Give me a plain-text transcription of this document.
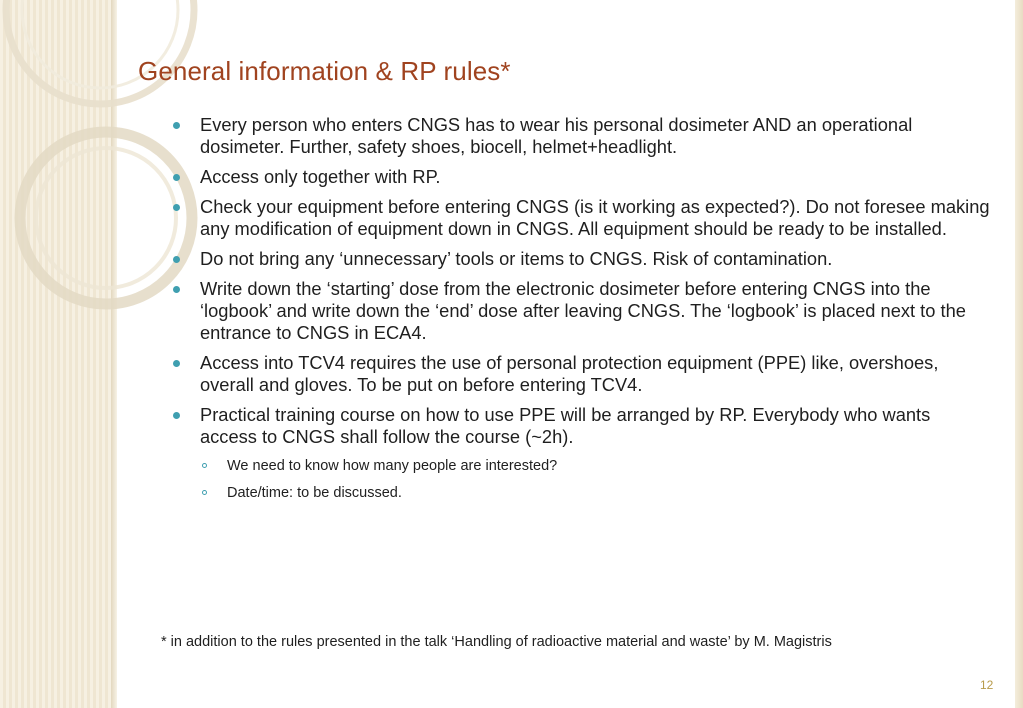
General information & RP rules*
Every person who enters CNGS has to wear his personal dosimeter AND an operational dosimeter. Further, safety shoes, biocell, helmet+headlight.
Access only together with RP.
Check your equipment before entering CNGS (is it working as expected?). Do not foresee making any modification of equipment down in CNGS. All equipment should be ready to be installed.
Do not bring any ‘unnecessary’ tools or items to CNGS. Risk of contamination.
Write down the ‘starting’ dose from the electronic dosimeter before entering CNGS into the ‘logbook’ and write down the ‘end’ dose after leaving CNGS. The ‘logbook’ is placed next to the entrance to CNGS in ECA4.
Access into TCV4 requires the use of personal protection equipment (PPE) like, overshoes, overall and gloves. To be put on before entering TCV4.
Practical training course on how to use PPE will be arranged by RP. Everybody who wants access to CNGS shall follow the course (~2h).
We need to know how many people are interested?
Date/time: to be discussed.

* in addition to the rules presented in the talk ‘Handling of radioactive material and waste’ by M. Magistris

12
